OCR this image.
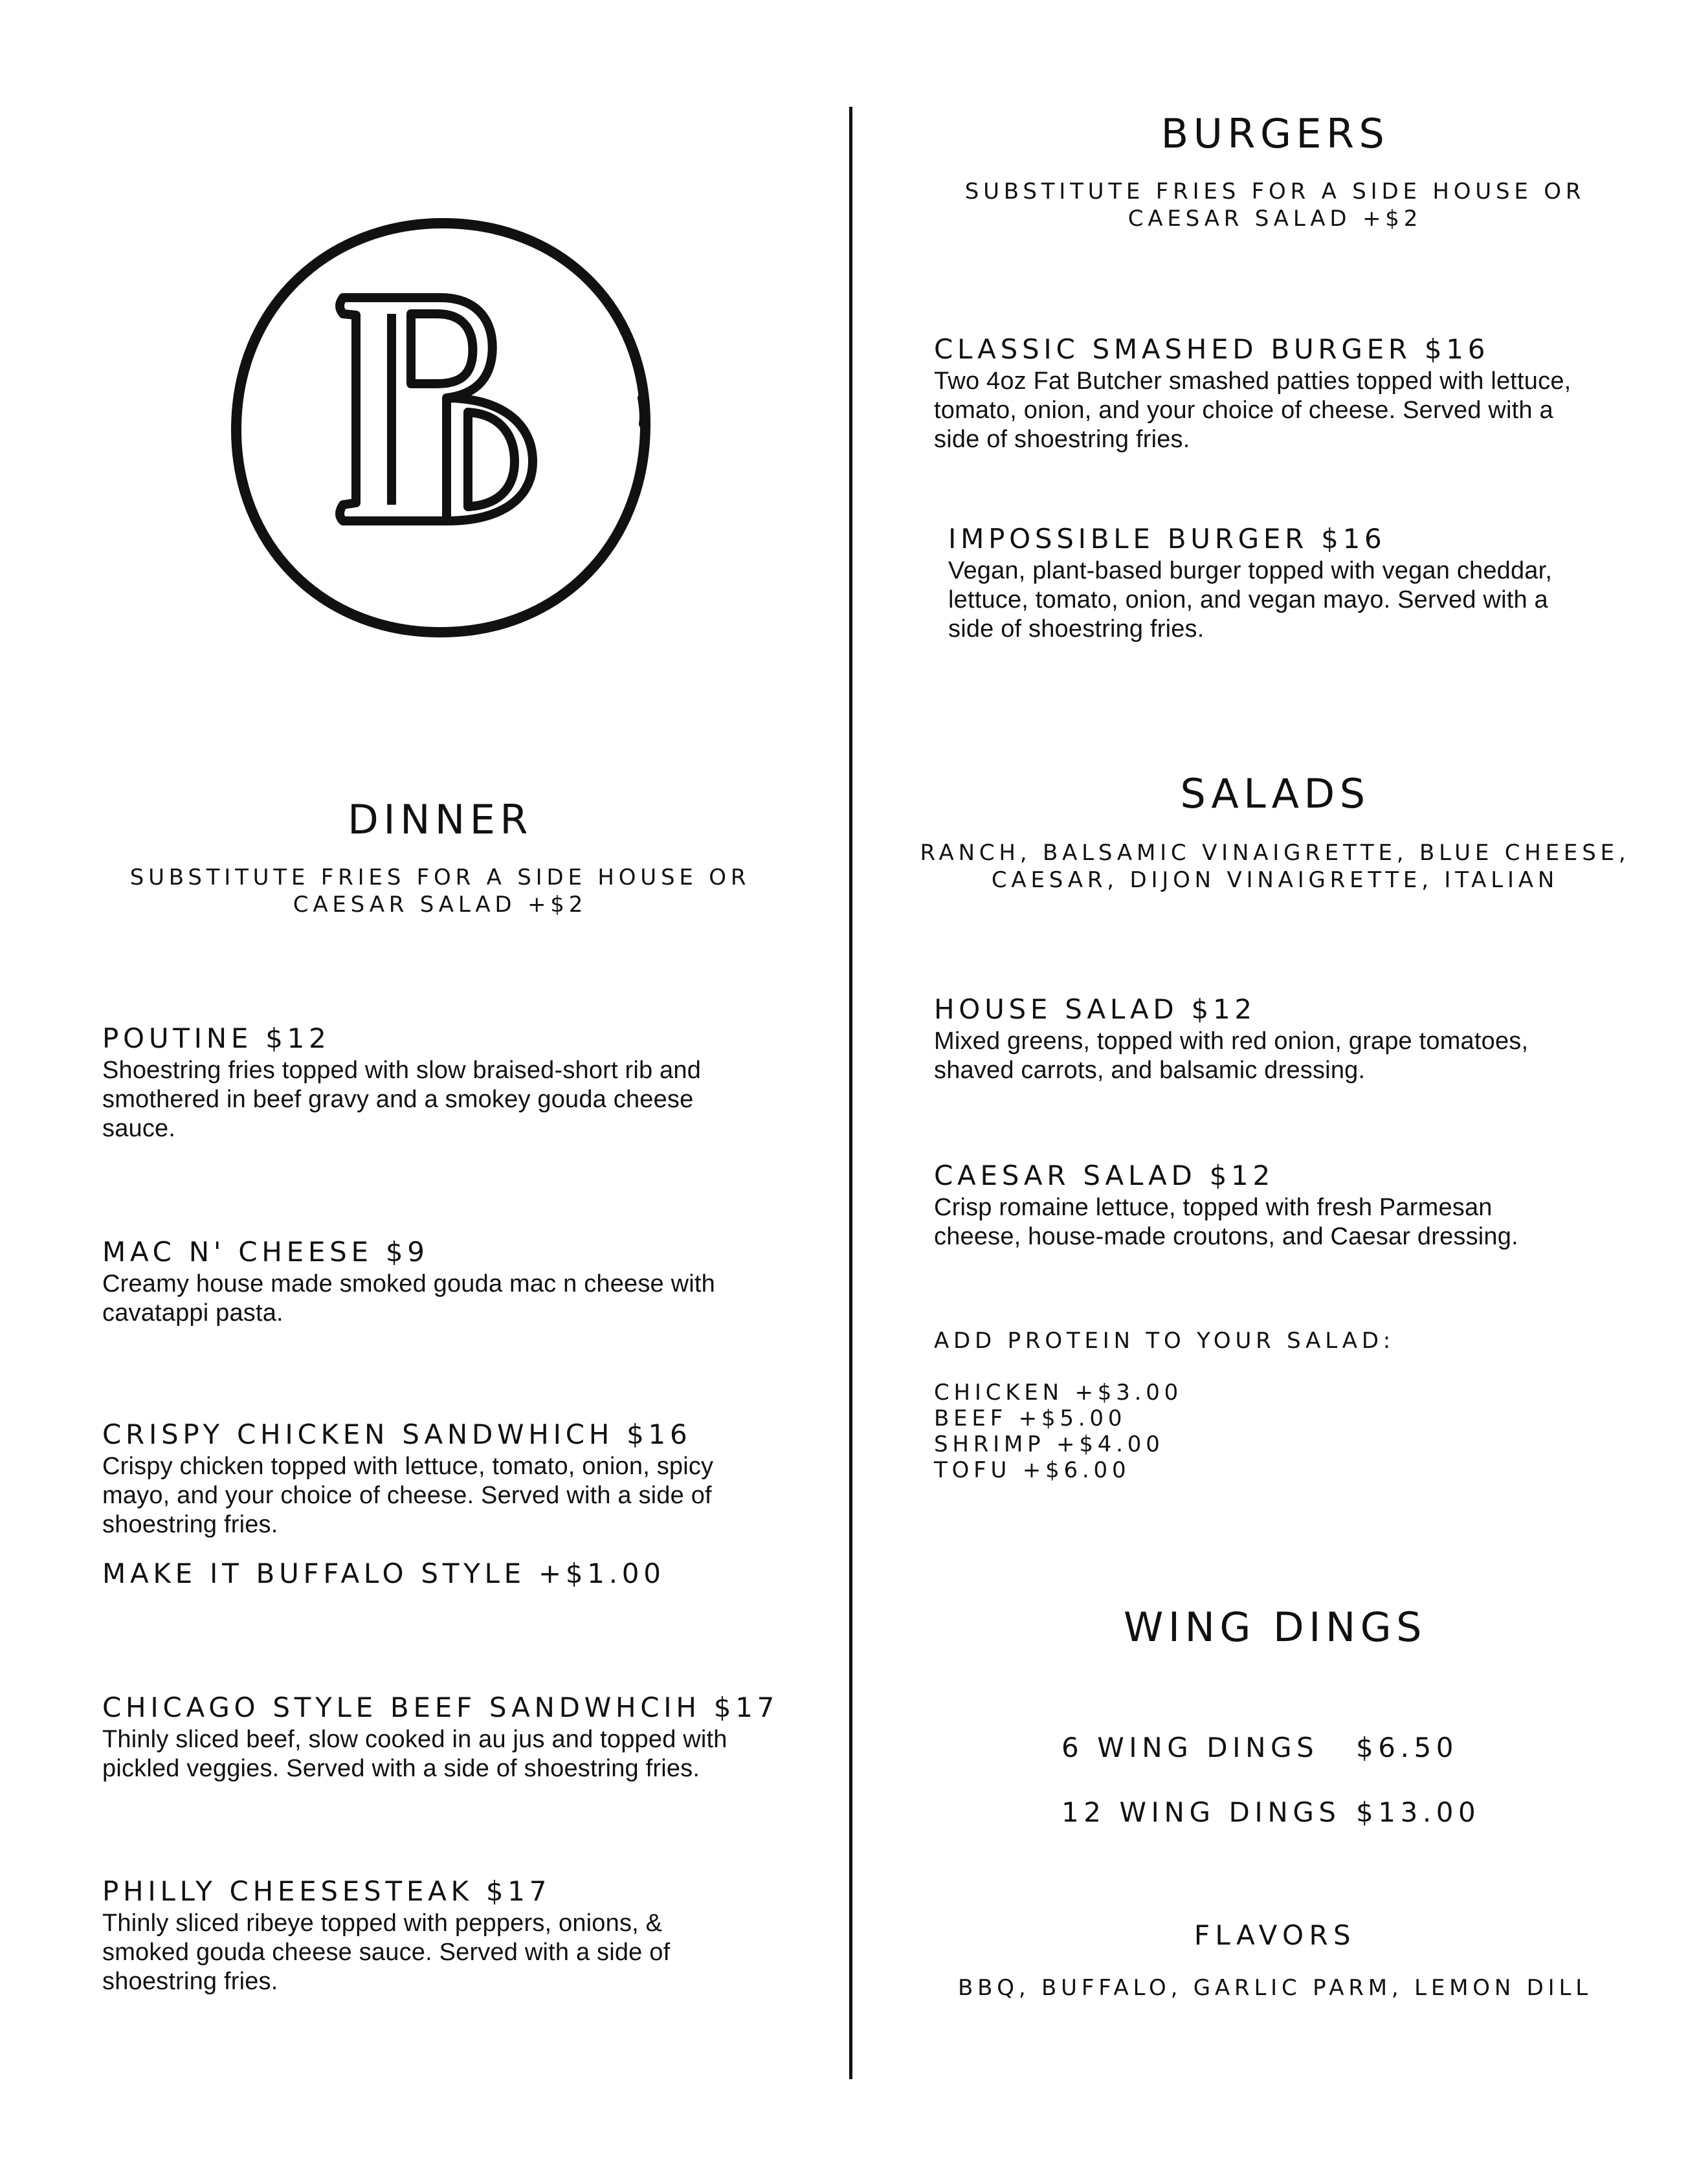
DINNER
SUBSTITUTE FRIES FOR A SIDE HOUSE OR
CAESAR SALAD +$2
POUTINE $12
Shoestring fries topped with slow braised-short rib and
smothered in beef gravy and a smokey gouda cheese
sauce.
MAC N' CHEESE $9
Creamy house made smoked gouda mac n cheese with
cavatappi pasta.
CRISPY CHICKEN SANDWHICH $16
Crispy chicken topped with lettuce, tomato, onion, spicy
mayo, and your choice of cheese. Served with a side of
shoestring fries.
MAKE IT BUFFALO STYLE +$1.00
CHICAGO STYLE BEEF SANDWHCIH $17
Thinly sliced beef, slow cooked in au jus and topped with
pickled veggies. Served with a side of shoestring fries.
PHILLY CHEESESTEAK $17
Thinly sliced ribeye topped with peppers, onions, &
smoked gouda cheese sauce. Served with a side of
shoestring fries.
BURGERS
SUBSTITUTE FRIES FOR A SIDE HOUSE OR
CAESAR SALAD +$2
CLASSIC SMASHED BURGER $16
Two 4oz Fat Butcher smashed patties topped with lettuce,
tomato, onion, and your choice of cheese. Served with a
side of shoestring fries.
IMPOSSIBLE BURGER $16
Vegan, plant-based burger topped with vegan cheddar,
lettuce, tomato, onion, and vegan mayo. Served with a
side of shoestring fries.
SALADS
RANCH, BALSAMIC VINAIGRETTE, BLUE CHEESE,
CAESAR, DIJON VINAIGRETTE, ITALIAN
HOUSE SALAD $12
Mixed greens, topped with red onion, grape tomatoes,
shaved carrots, and balsamic dressing.
CAESAR SALAD $12
Crisp romaine lettuce, topped with fresh Parmesan
cheese, house-made croutons, and Caesar dressing.
ADD PROTEIN TO YOUR SALAD:
CHICKEN +$3.00
BEEF +$5.00
SHRIMP +$4.00
TOFU +$6.00
WING DINGS
6 WING DINGS $6.50
12 WING DINGS $13.00
FLAVORS
BBQ, BUFFALO, GARLIC PARM, LEMON DILL
